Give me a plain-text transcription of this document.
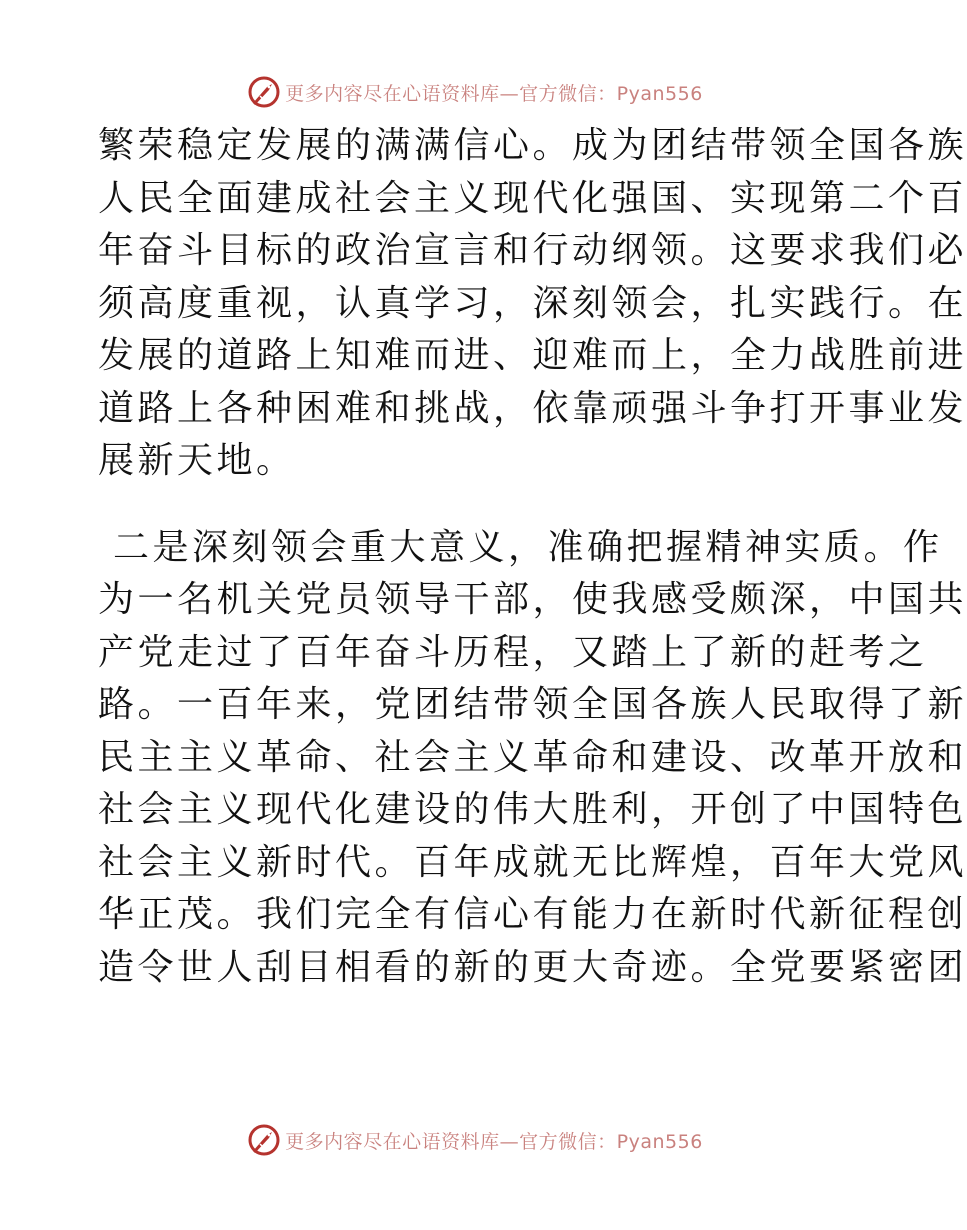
更多内容尽在心语资料库—官方微信：Pyan556
繁荣稳定发展的满满信心。成为团结带领全国各族
人民全面建成社会主义现代化强国、实现第二个百
年奋斗目标的政治宣言和行动纲领。这要求我们必
须高度重视，认真学习，深刻领会，扎实践行。在
发展的道路上知难而进、迎难而上，全力战胜前进
道路上各种困难和挑战，依靠顽强斗争打开事业发
展新天地。
二是深刻领会重大意义，准确把握精神实质。作
为一名机关党员领导干部，使我感受颇深，中国共
产党走过了百年奋斗历程，又踏上了新的赶考之
路。一百年来，党团结带领全国各族人民取得了新
民主主义革命、社会主义革命和建设、改革开放和
社会主义现代化建设的伟大胜利，开创了中国特色
社会主义新时代。百年成就无比辉煌，百年大党风
华正茂。我们完全有信心有能力在新时代新征程创
造令世人刮目相看的新的更大奇迹。全党要紧密团
更多内容尽在心语资料库—官方微信：Pyan556
